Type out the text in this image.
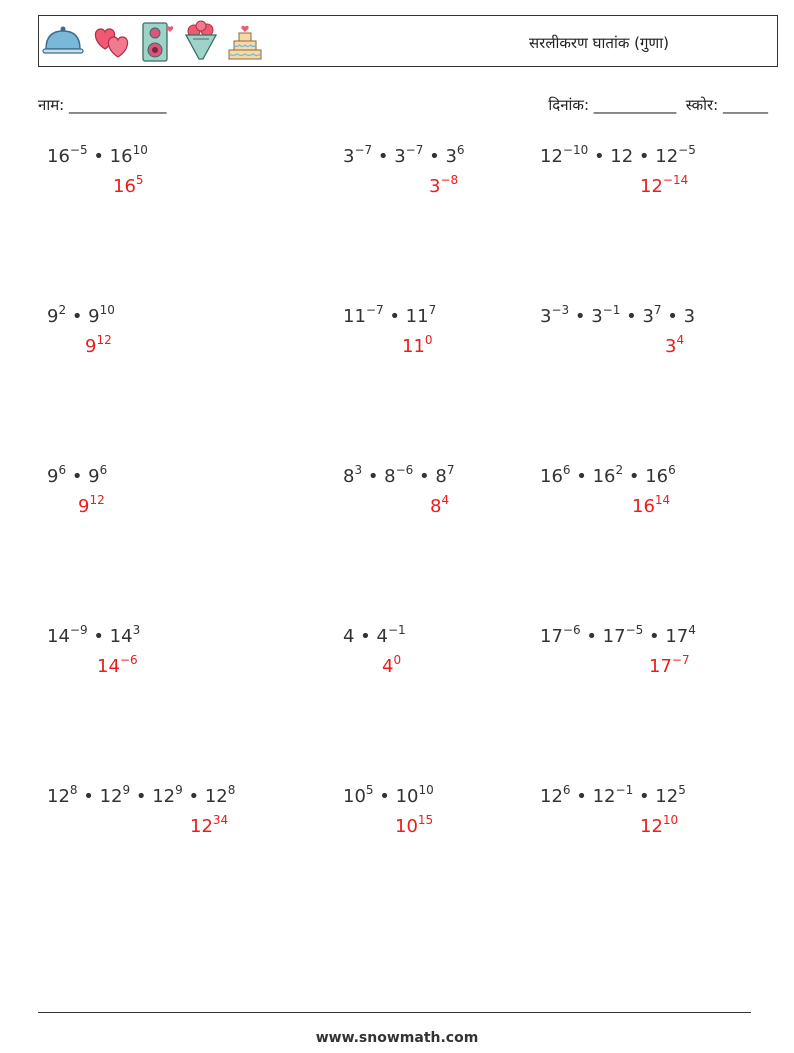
सरलीकरण घातांक (गुणा)
नाम: _____________	दिनांक: ___________  स्कोर: ______
$16^{-5}$ • $16^{10}$
$16^5$
$3^{-7}$ • $3^{-7}$ • $3^6$
$3^{-8}$
$12^{-10}$ • 12 • $12^{-5}$
$12^{-14}$
$9^2$ • $9^{10}$
$9^{12}$
$11^{-7}$ • $11^7$
$11^0$
$3^{-3}$ • $3^{-1}$ • $3^7$ • 3
$3^4$
$9^6$ • $9^6$
$9^{12}$
$8^3$ • $8^{-6}$ • $8^7$
$8^4$
$16^6$ • $16^2$ • $16^6$
$16^{14}$
$14^{-9}$ • $14^3$
$14^{-6}$
4 • $4^{-1}$
$4^0$
$17^{-6}$ • $17^{-5}$ • $17^4$
$17^{-7}$
$12^8$ • $12^9$ • $12^9$ • $12^8$
$12^{34}$
$10^5$ • $10^{10}$
$10^{15}$
$12^6$ • $12^{-1}$ • $12^5$
$12^{10}$
www.snowmath.com
